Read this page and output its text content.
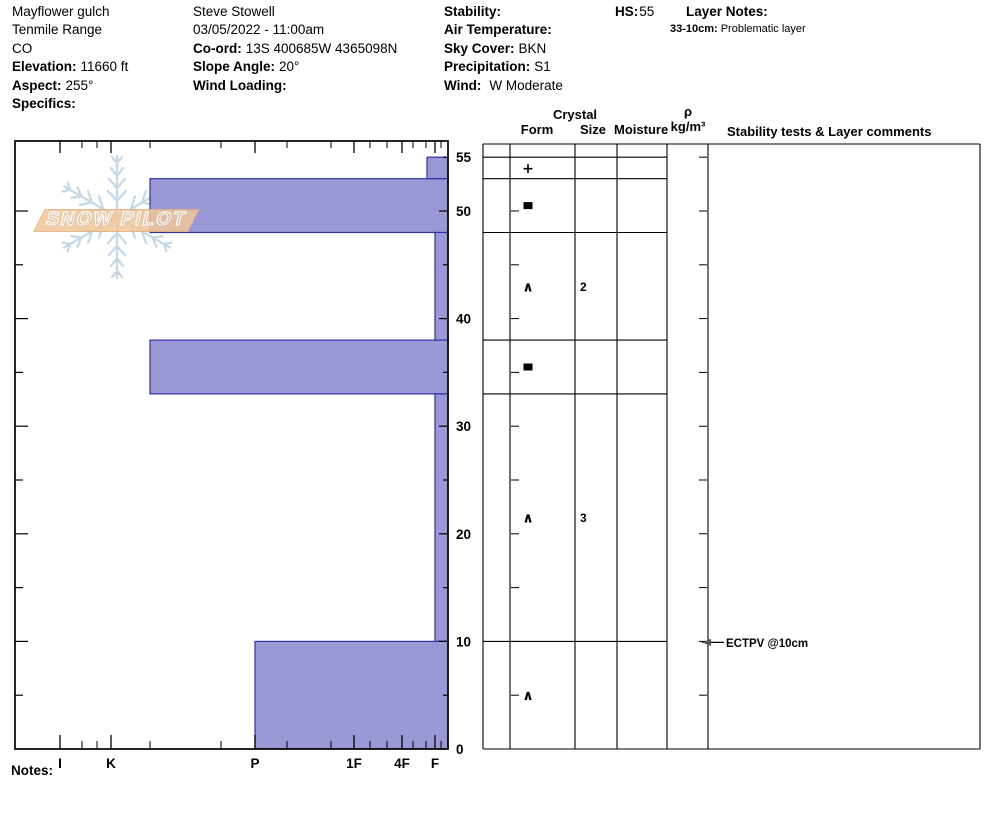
Mayflower gulch
Tenmile Range
CO
Elevation: 11660 ft
Aspect: 255°
Specifics:
Steve Stowell
03/05/2022 - 11:00am
Co-ord: 13S 400685W 4365098N
Slope Angle: 20°
Wind Loading:
Stability:
Air Temperature:
Sky Cover: BKN
Precipitation: S1
Wind: W Moderate
HS:55 Layer Notes:
33-10cm: Problematic layer
I	K	P	1F 4F F
55
50
40
30
20
10
0
+
∧	2
∧	3
∧
ECTPV @10cm
SNOW PILOT
Form
Crystal
Size Moisture
ρ
kg/m³ Stability tests & Layer comments
Notes:
